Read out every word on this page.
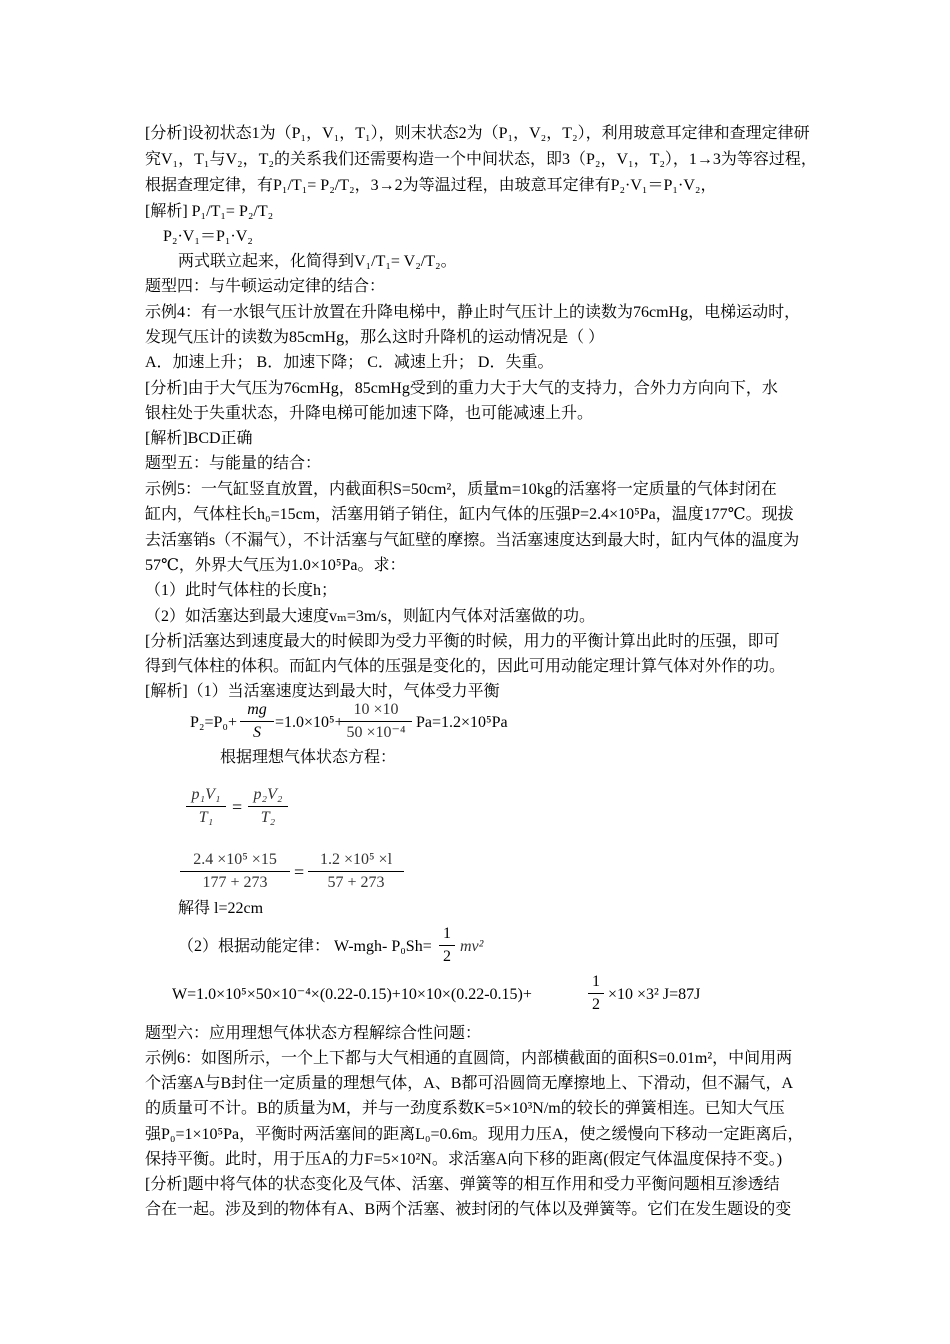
[分析]设初状态1为（P₁，V₁，T₁），则末状态2为（P₁，V₂，T₂），利用玻意耳定律和查理定律研
究V₁，T₁与V₂，T₂的关系我们还需要构造一个中间状态，即3（P₂，V₁，T₂），1→3为等容过程，
根据查理定律，有P₁/T₁= P₂/T₂，3→2为等温过程，由玻意耳定律有P₂·V₁＝P₁·V₂，
[解析] P₁/T₁= P₂/T₂
P₂·V₁＝P₁·V₂
两式联立起来，化简得到V₁/T₁= V₂/T₂。
题型四：与牛顿运动定律的结合：
示例4：有一水银气压计放置在升降电梯中，静止时气压计上的读数为76cmHg，电梯运动时，
发现气压计的读数为85cmHg，那么这时升降机的运动情况是（ ）
A．加速上升； B．加速下降； C．减速上升； D．失重。
[分析]由于大气压为76cmHg，85cmHg受到的重力大于大气的支持力，合外力方向向下，水
银柱处于失重状态，升降电梯可能加速下降，也可能减速上升。
[解析]BCD正确
题型五：与能量的结合：
示例5：一气缸竖直放置，内截面积S=50cm²，质量m=10kg的活塞将一定质量的气体封闭在
缸内，气体柱长h₀=15cm，活塞用销子销住，缸内气体的压强P=2.4×10⁵Pa，温度177℃。现拔
去活塞销s（不漏气），不计活塞与气缸壁的摩擦。当活塞速度达到最大时，缸内气体的温度为
57℃，外界大气压为1.0×10⁵Pa。求：
（1）此时气体柱的长度h；
（2）如活塞达到最大速度vₘ=3m/s，则缸内气体对活塞做的功。
[分析]活塞达到速度最大的时候即为受力平衡的时候，用力的平衡计算出此时的压强，即可
得到气体柱的体积。而缸内气体的压强是变化的，因此可用动能定理计算气体对外作的功。
[解析]（1）当活塞速度达到最大时，气体受力平衡
P₂=P₀+
mg
S
=1.0×10⁵+
10 ×10
50 ×10⁻⁴
Pa=1.2×10⁵Pa
根据理想气体状态方程：
p₁V₁
T₁
=
p₂V₂
T₂
2.4 ×10⁵ ×15
177 + 273
=
1.2 ×10⁵ ×l
57 + 273
解得 l=22cm
（2）根据动能定律： W-mgh- P₀Sh=
1
2
mv²
W=1.0×10⁵×50×10⁻⁴×(0.22-0.15)+10×10×(0.22-0.15)+
1
2
×10 ×3² J=87J
题型六：应用理想气体状态方程解综合性问题：
示例6：如图所示，一个上下都与大气相通的直圆筒，内部横截面的面积S=0.01m²，中间用两
个活塞A与B封住一定质量的理想气体，A、B都可沿圆筒无摩擦地上、下滑动，但不漏气，A
的质量可不计。B的质量为M，并与一劲度系数K=5×10³N/m的较长的弹簧相连。已知大气压
强P₀=1×10⁵Pa，平衡时两活塞间的距离L₀=0.6m。现用力压A，使之缓慢向下移动一定距离后，
保持平衡。此时，用于压A的力F=5×10²N。求活塞A向下移的距离(假定气体温度保持不变。)
[分析]题中将气体的状态变化及气体、活塞、弹簧等的相互作用和受力平衡问题相互渗透结
合在一起。涉及到的物体有A、B两个活塞、被封闭的气体以及弹簧等。它们在发生题设的变
